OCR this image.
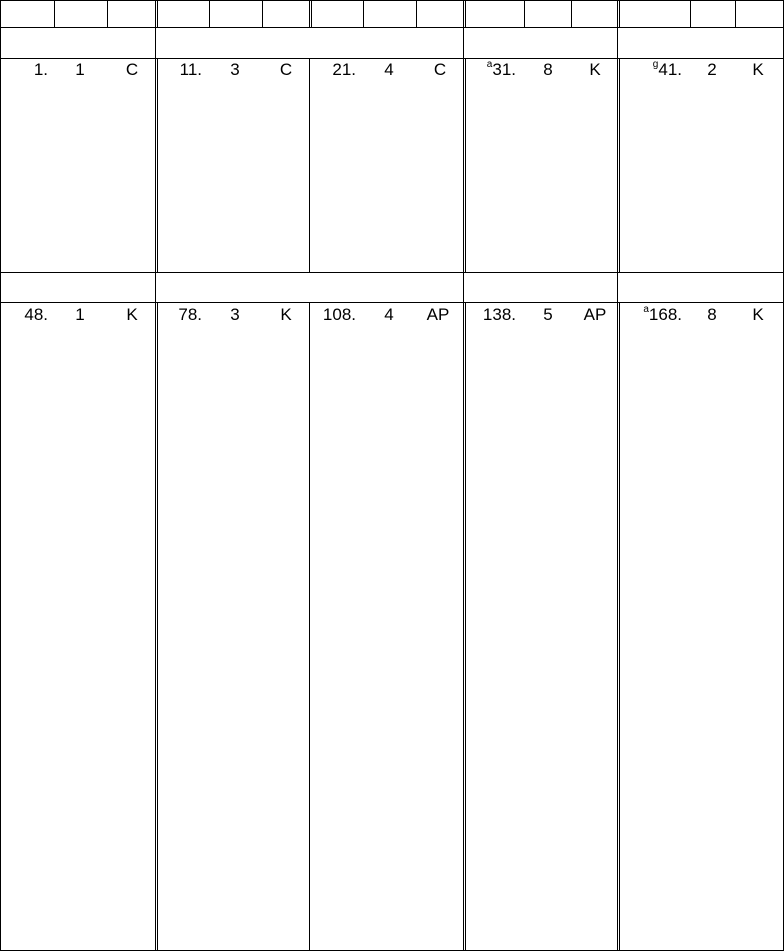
1.	1	C	11.	3	C	21.	4	C	$^a$31.	8	K	$^g$41.	2	K
48.	1	K	78.	3	K	108.	4	AP	138.	5	AP	$^a$168.	8	K
